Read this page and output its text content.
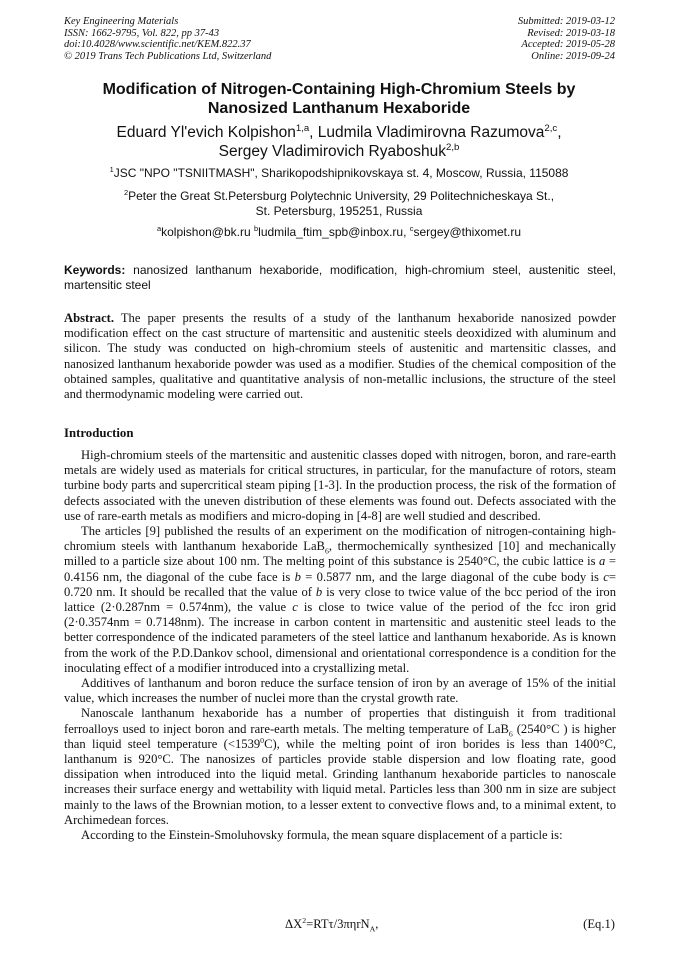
Key Engineering Materials
ISSN: 1662-9795, Vol. 822, pp 37-43
doi:10.4028/www.scientific.net/KEM.822.37
© 2019 Trans Tech Publications Ltd, Switzerland
Submitted: 2019-03-12
Revised: 2019-03-18
Accepted: 2019-05-28
Online: 2019-09-24
Modification of Nitrogen-Containing High-Chromium Steels by
Nanosized Lanthanum Hexaboride
Eduard Yl'evich Kolpishon$^{1,a}$, Ludmila Vladimirovna Razumova$^{2,c}$,
Sergey Vladimirovich Ryaboshuk$^{2,b}$
$^1$JSC "NPO "TSNIITMASH", Sharikopodshipnikovskaya st. 4, Moscow, Russia, 115088
$^2$Peter the Great St.Petersburg Polytechnic University, 29 Politechnicheskaya St.,
St. Petersburg, 195251, Russia
$^a$kolpishon@bk.ru $^b$ludmila_ftim_spb@inbox.ru, $^c$sergey@thixomet.ru
Keywords: nanosized lanthanum hexaboride, modification, high-chromium steel, austenitic steel, martensitic steel

Abstract. The paper presents the results of a study of the lanthanum hexaboride nanosized powder modification effect on the cast structure of martensitic and austenitic steels deoxidized with aluminum and silicon. The study was conducted on high-chromium steels of austenitic and martensitic classes, and nanosized lanthanum hexaboride powder was used as a modifier. Studies of the chemical composition of the obtained samples, qualitative and quantitative analysis of non-metallic inclusions, the structure of the steel and thermodynamic modeling were carried out.

Introduction

High-chromium steels of the martensitic and austenitic classes doped with nitrogen, boron, and rare-earth metals are widely used as materials for critical structures, in particular, for the manufacture of rotors, steam turbine body parts and supercritical steam piping [1-3]. In the production process, the risk of the formation of defects associated with the uneven distribution of these elements was found out. Defects associated with the use of rare-earth metals as modifiers and micro-doping in [4-8] are well studied and described.

The articles [9] published the results of an experiment on the modification of nitrogen-containing high-chromium steels with lanthanum hexaboride LaB$_6$, thermochemically synthesized [10] and mechanically milled to a particle size about 100 nm. The melting point of this substance is 2540°C, the cubic lattice is a = 0.4156 nm, the diagonal of the cube face is b = 0.5877 nm, and the large diagonal of the cube body is c= 0.720 nm. It should be recalled that the value of b is very close to twice value of the bcc period of the iron lattice (2·0.287nm = 0.574nm), the value c is close to twice value of the period of the fcc iron grid (2·0.3574nm = 0.7148nm). The increase in carbon content in martensitic and austenitic steel leads to the better correspondence of the indicated parameters of the steel lattice and lanthanum hexaboride. As is known from the work of the P.D.Dankov school, dimensional and orientational correspondence is a condition for the inoculating effect of a modifier introduced into a crystallizing metal.

Additives of lanthanum and boron reduce the surface tension of iron by an average of 15% of the initial value, which increases the number of nuclei more than the crystal growth rate.

Nanoscale lanthanum hexaboride has a number of properties that distinguish it from traditional ferroalloys used to inject boron and rare-earth metals. The melting temperature of LaB$_6$ (2540°C ) is higher than liquid steel temperature $(<1539^0C)$, while the melting point of iron borides is less than 1400°C, lanthanum is 920°C. The nanosizes of particles provide stable dispersion and low floating rate, good dissipation when introduced into the liquid metal. Grinding lanthanum hexaboride particles to nanoscale increases their surface energy and wettability with liquid metal. Particles less than 300 nm in size are subject mainly to the laws of the Brownian motion, to a lesser extent to convective flows and, to a minimal extent, to Archimedean forces.

According to the Einstein-Smoluhovsky formula, the mean square displacement of a particle is:

$\Delta X^2=RT\tau/3\pi\eta rN_A$,	(Eq.1)
